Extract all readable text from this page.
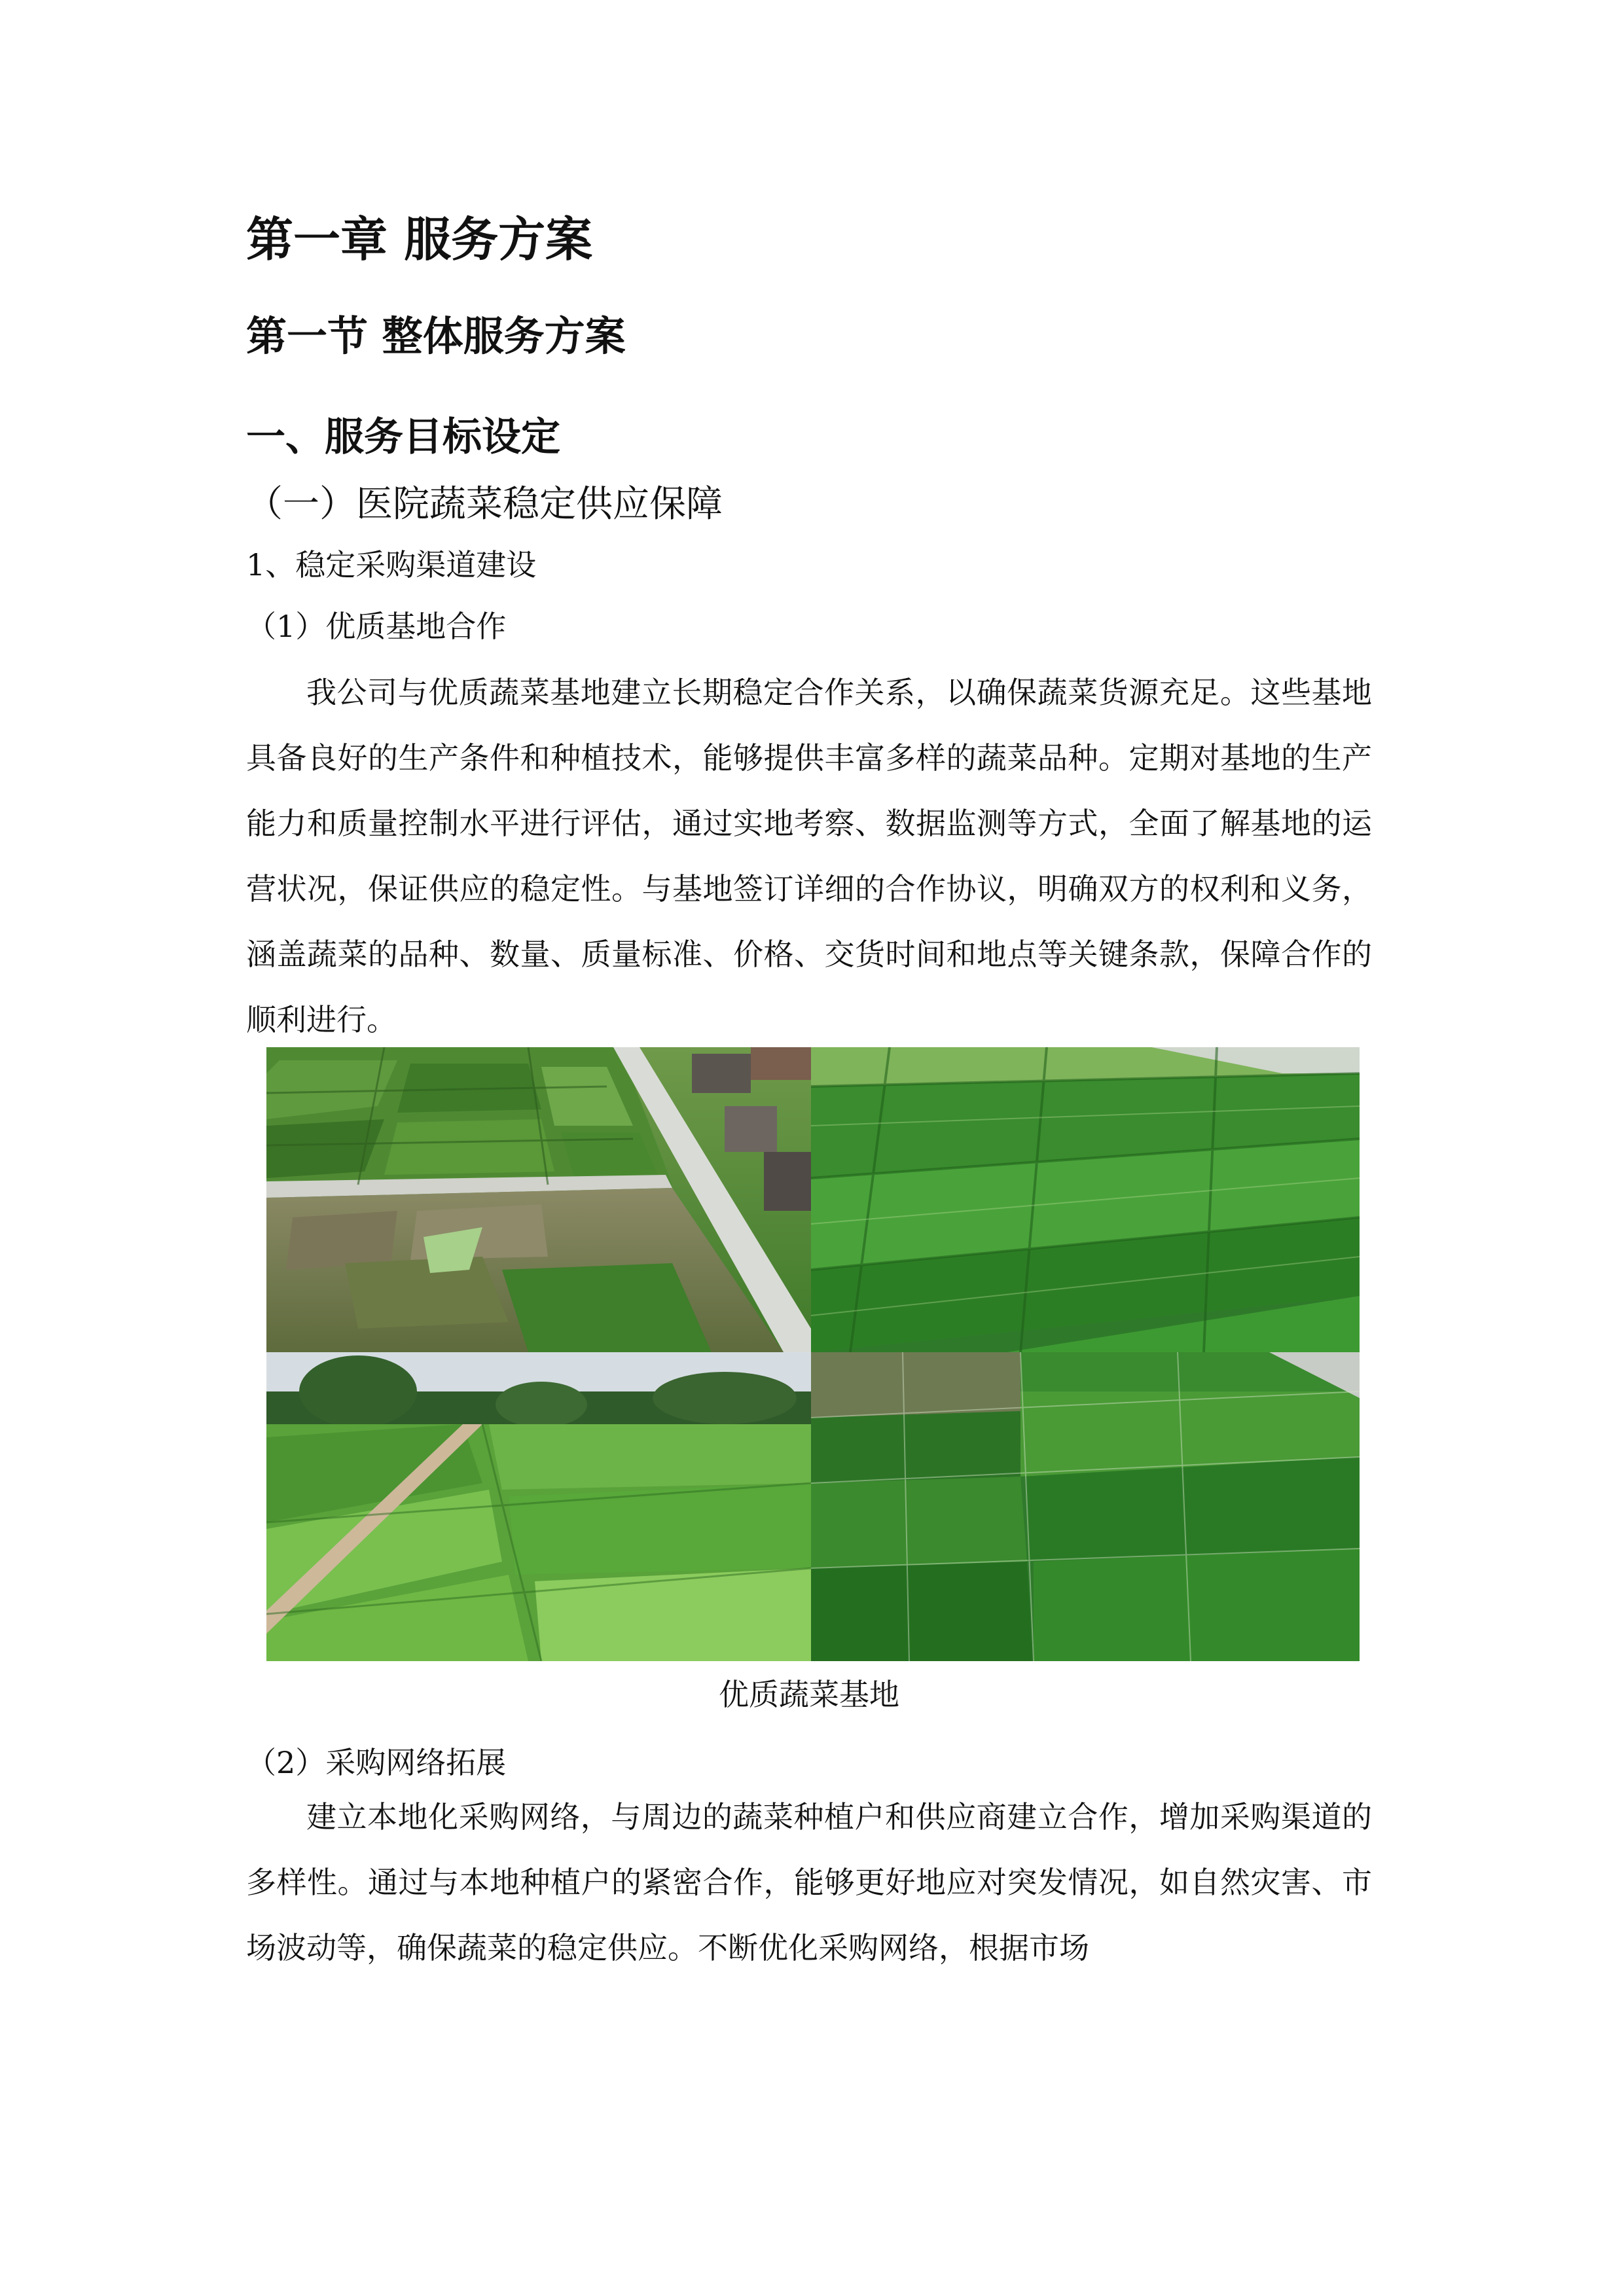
第一章 服务方案
第一节 整体服务方案
一、服务目标设定
（一）医院蔬菜稳定供应保障
1、稳定采购渠道建设
（1）优质基地合作

我公司与优质蔬菜基地建立长期稳定合作关系，以确保蔬菜货源充足。这些基地具备良好的生产条件和种植技术，能够提供丰富多样的蔬菜品种。定期对基地的生产能力和质量控制水平进行评估，通过实地考察、数据监测等方式，全面了解基地的运营状况，保证供应的稳定性。与基地签订详细的合作协议，明确双方的权利和义务，涵盖蔬菜的品种、数量、质量标准、价格、交货时间和地点等关键条款，保障合作的顺利进行。

优质蔬菜基地
（2）采购网络拓展

建立本地化采购网络，与周边的蔬菜种植户和供应商建立合作，增加采购渠道的多样性。通过与本地种植户的紧密合作，能够更好地应对突发情况，如自然灾害、市场波动等，确保蔬菜的稳定供应。不断优化采购网络，根据市场
